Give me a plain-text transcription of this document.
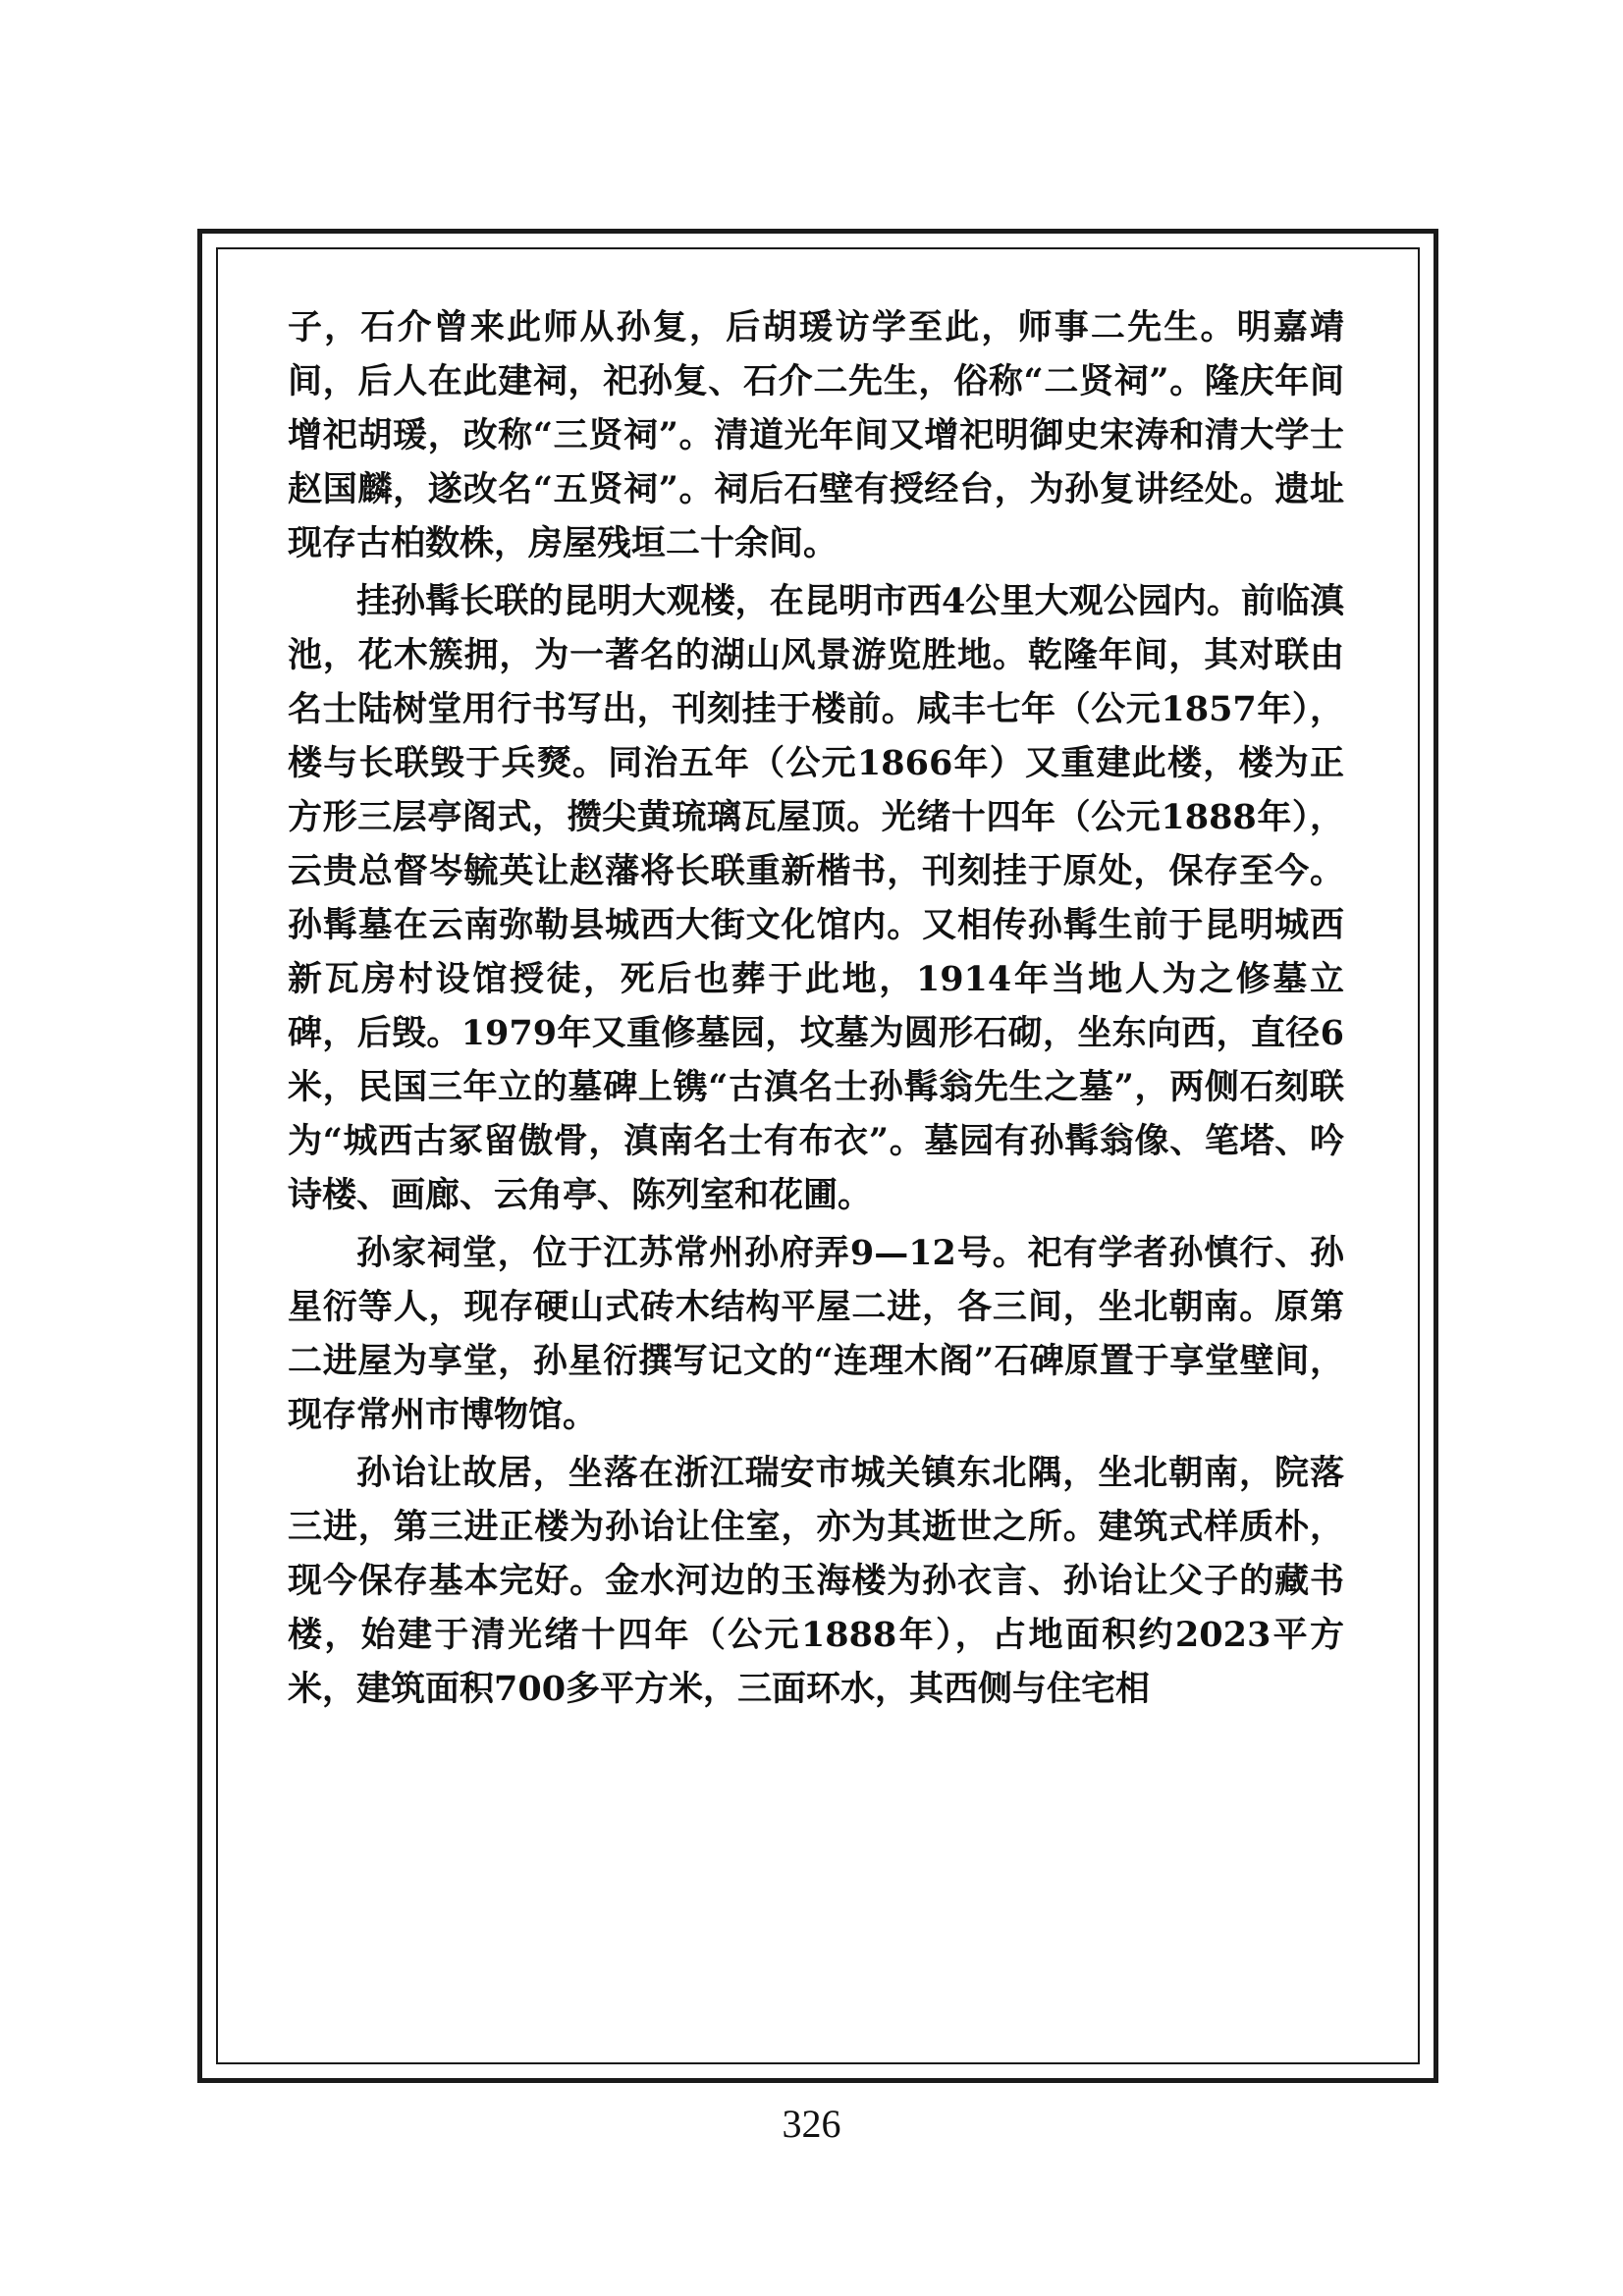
子，石介曾来此师从孙复，后胡瑗访学至此，师事二先生。明嘉靖间，后人在此建祠，祀孙复、石介二先生，俗称“二贤祠”。隆庆年间增祀胡瑗，改称“三贤祠”。清道光年间又增祀明御史宋涛和清大学士赵国麟，遂改名“五贤祠”。祠后石壁有授经台，为孙复讲经处。遗址现存古柏数株，房屋残垣二十余间。

挂孙髯长联的昆明大观楼，在昆明市西4公里大观公园内。前临滇池，花木簇拥，为一著名的湖山风景游览胜地。乾隆年间，其对联由名士陆树堂用行书写出，刊刻挂于楼前。咸丰七年（公元1857年），楼与长联毁于兵燹。同治五年（公元1866年）又重建此楼，楼为正方形三层亭阁式，攒尖黄琉璃瓦屋顶。光绪十四年（公元1888年），云贵总督岑毓英让赵藩将长联重新楷书，刊刻挂于原处，保存至今。孙髯墓在云南弥勒县城西大街文化馆内。又相传孙髯生前于昆明城西新瓦房村设馆授徒，死后也葬于此地，1914年当地人为之修墓立碑，后毁。1979年又重修墓园，坟墓为圆形石砌，坐东向西，直径6米，民国三年立的墓碑上镌“古滇名士孙髯翁先生之墓”，两侧石刻联为“城西古冢留傲骨，滇南名士有布衣”。墓园有孙髯翁像、笔塔、吟诗楼、画廊、云角亭、陈列室和花圃。

孙家祠堂，位于江苏常州孙府弄9—12号。祀有学者孙慎行、孙星衍等人，现存硬山式砖木结构平屋二进，各三间，坐北朝南。原第二进屋为享堂，孙星衍撰写记文的“连理木阁”石碑原置于享堂壁间，现存常州市博物馆。

孙诒让故居，坐落在浙江瑞安市城关镇东北隅，坐北朝南，院落三进，第三进正楼为孙诒让住室，亦为其逝世之所。建筑式样质朴，现今保存基本完好。金水河边的玉海楼为孙衣言、孙诒让父子的藏书楼，始建于清光绪十四年（公元1888年），占地面积约2023平方米，建筑面积700多平方米，三面环水，其西侧与住宅相

326
